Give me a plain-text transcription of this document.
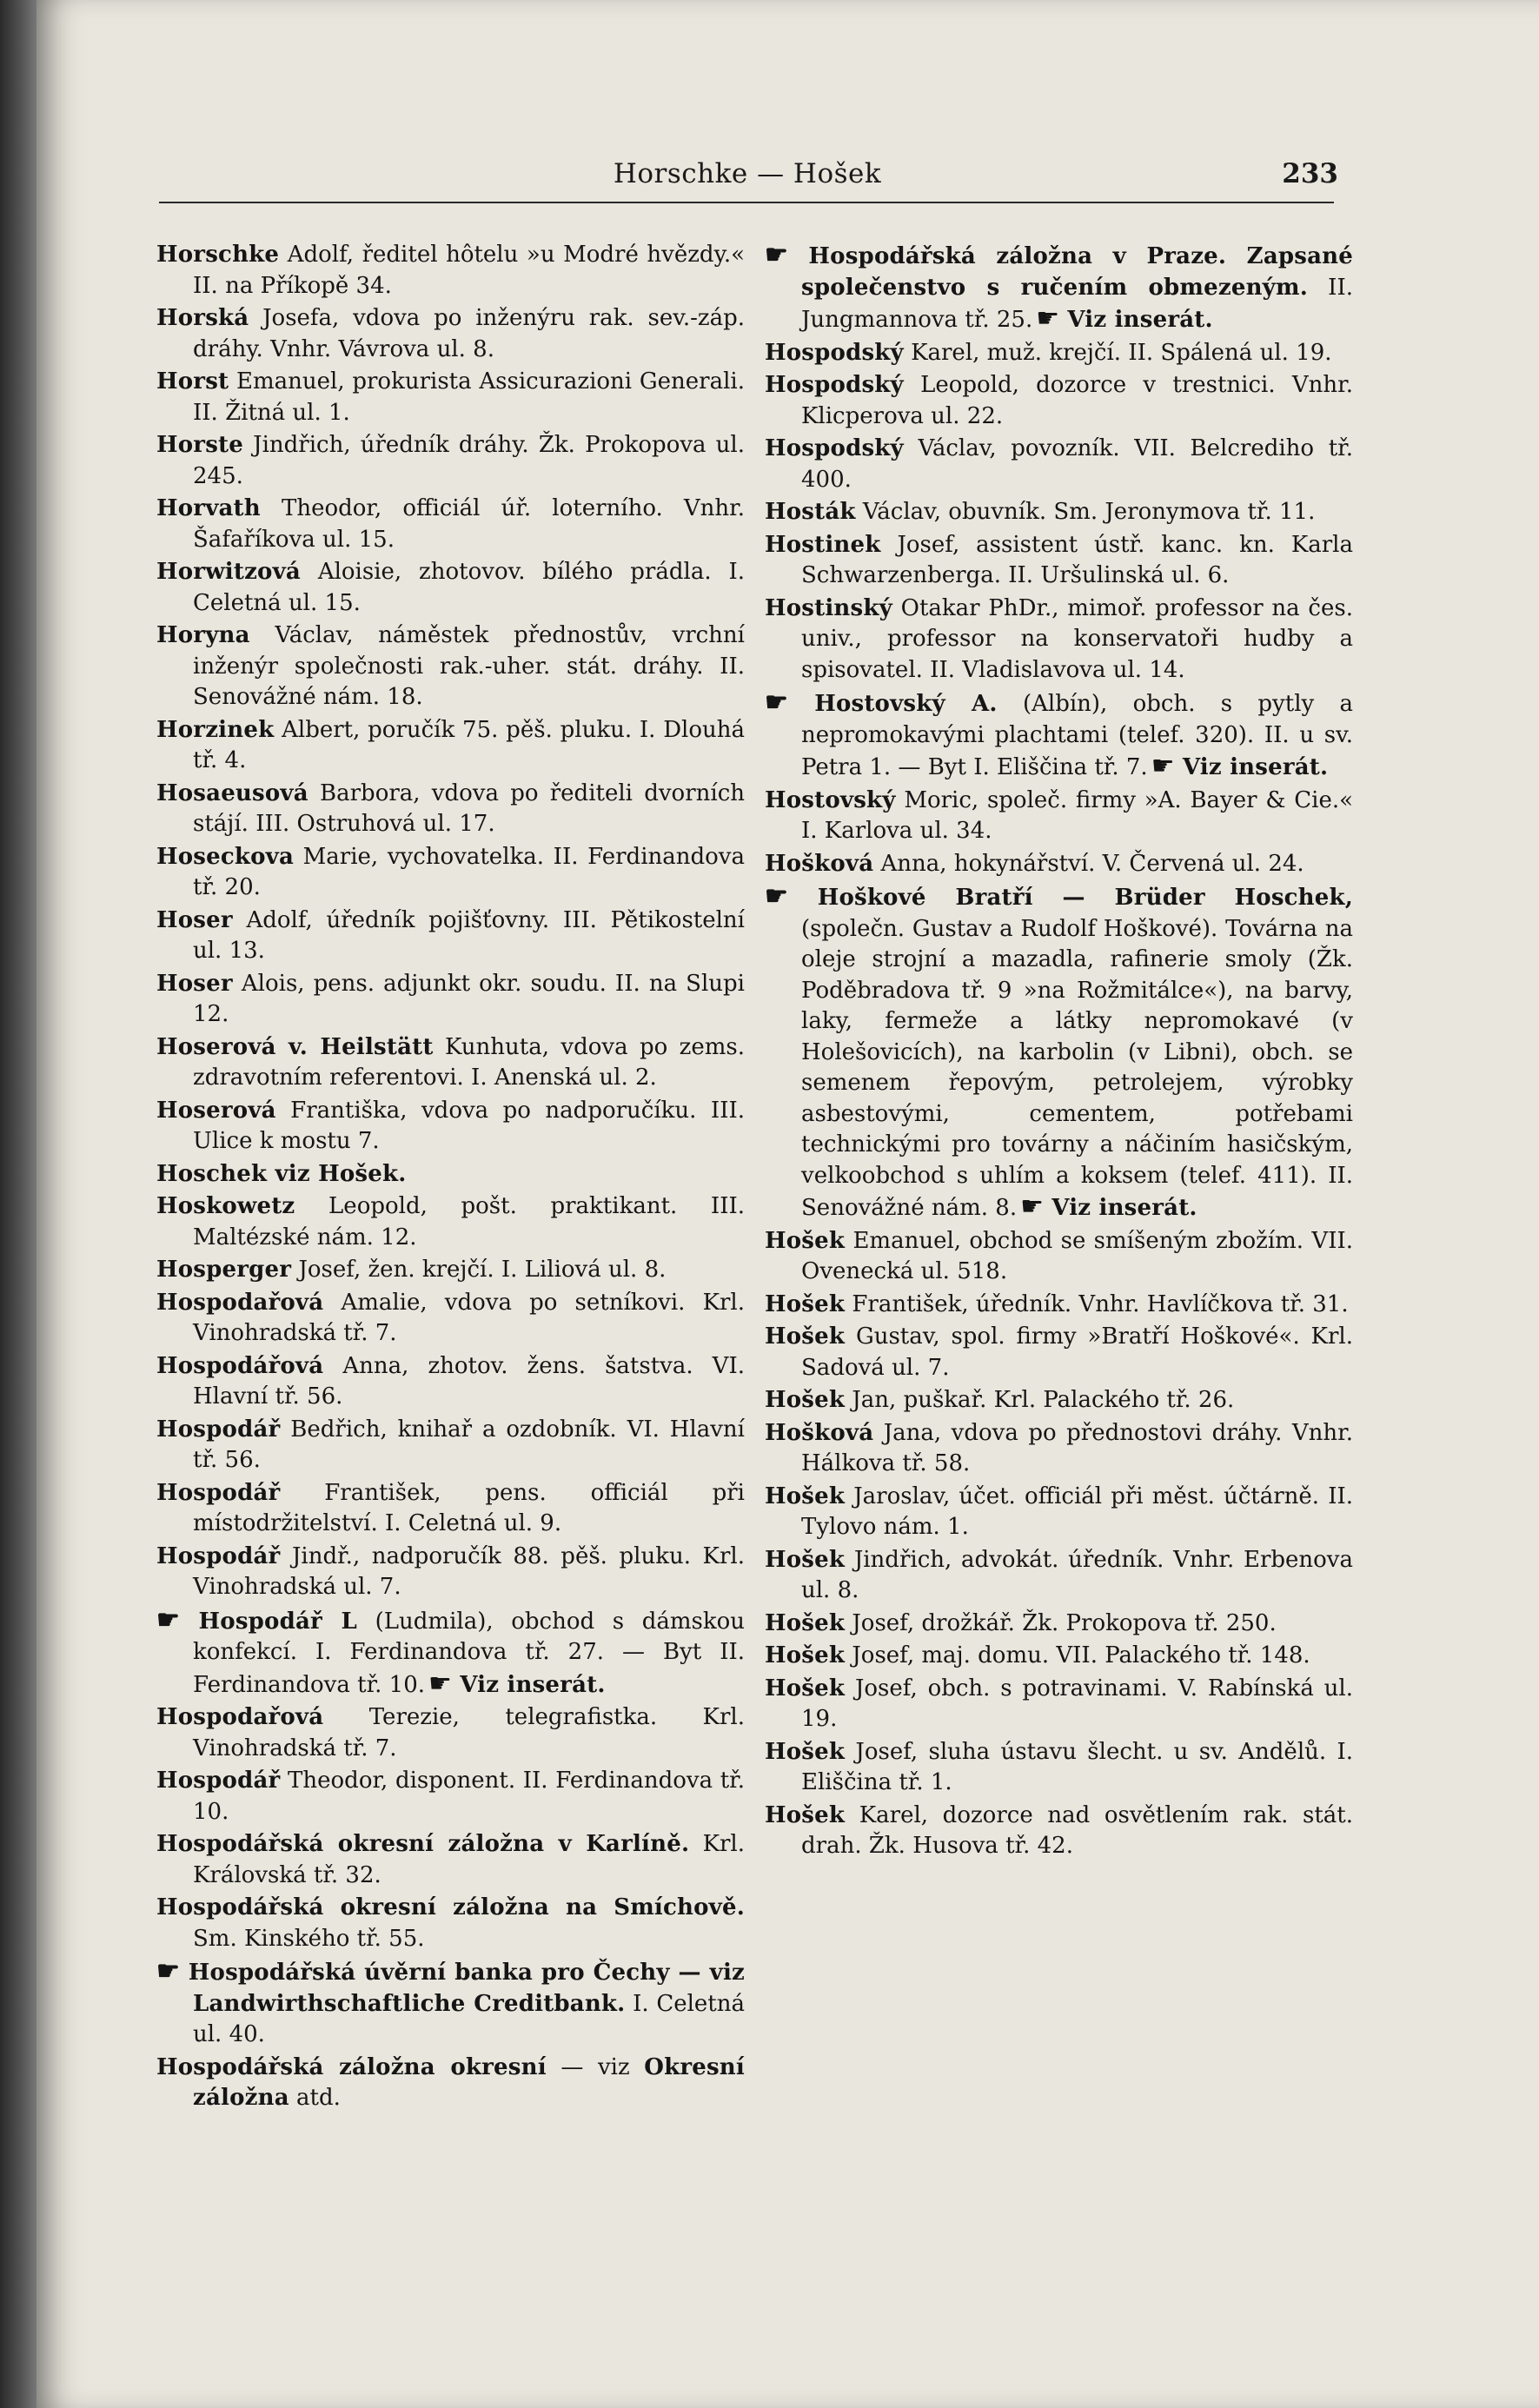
Horschke — Hošek	233
Horschke Adolf, ředitel hôtelu »u Modré hvězdy.« II. na Příkopě 34.
Horská Josefa, vdova po inženýru rak. sev.-záp. dráhy. Vnhr. Vávrova ul. 8.
Horst Emanuel, prokurista Assicurazioni Generali. II. Žitná ul. 1.
Horste Jindřich, úředník dráhy. Žk. Prokopova ul. 245.
Horvath Theodor, officiál úř. loterního. Vnhr. Šafaříkova ul. 15.
Horwitzová Aloisie, zhotovov. bílého prádla. I. Celetná ul. 15.
Horyna Václav, náměstek přednostův, vrchní inženýr společnosti rak.-uher. stát. dráhy. II. Senovážné nám. 18.
Horzinek Albert, poručík 75. pěš. pluku. I. Dlouhá tř. 4.
Hosaeusová Barbora, vdova po řediteli dvorních stájí. III. Ostruhová ul. 17.
Hoseckova Marie, vychovatelka. II. Ferdinandova tř. 20.
Hoser Adolf, úředník pojišťovny. III. Pětikostelní ul. 13.
Hoser Alois, pens. adjunkt okr. soudu. II. na Slupi 12.
Hoserová v. Heilstätt Kunhuta, vdova po zems. zdravotním referentovi. I. Anenská ul. 2.
Hoserová Františka, vdova po nadporučíku. III. Ulice k mostu 7.
Hoschek viz Hošek.
Hoskowetz Leopold, pošt. praktikant. III. Maltézské nám. 12.
Hosperger Josef, žen. krejčí. I. Liliová ul. 8.
Hospodařová Amalie, vdova po setníkovi. Krl. Vinohradská tř. 7.
Hospodářová Anna, zhotov. žens. šatstva. VI. Hlavní tř. 56.
Hospodář Bedřich, knihař a ozdobník. VI. Hlavní tř. 56.
Hospodář František, pens. officiál při místodržitelství. I. Celetná ul. 9.
Hospodář Jindř., nadporučík 88. pěš. pluku. Krl. Vinohradská ul. 7.
☛ Hospodář L (Ludmila), obchod s dámskou konfekcí. I. Ferdinandova tř. 27. — Byt II. Ferdinandova tř. 10. ☛ Viz inserát.
Hospodařová Terezie, telegrafistka. Krl. Vinohradská tř. 7.
Hospodář Theodor, disponent. II. Ferdinandova tř. 10.
Hospodářská okresní záložna v Karlíně. Krl. Královská tř. 32.
Hospodářská okresní záložna na Smíchově. Sm. Kinského tř. 55.
☛ Hospodářská úvěrní banka pro Čechy — viz Landwirthschaftliche Creditbank. I. Celetná ul. 40.
Hospodářská záložna okresní — viz Okresní záložna atd.
☛ Hospodářská záložna v Praze. Zapsané společenstvo s ručením obmezeným. II. Jungmannova tř. 25. ☛ Viz inserát.
Hospodský Karel, muž. krejčí. II. Spálená ul. 19.
Hospodský Leopold, dozorce v trestnici. Vnhr. Klicperova ul. 22.
Hospodský Václav, povozník. VII. Belcrediho tř. 400.
Hosták Václav, obuvník. Sm. Jeronymova tř. 11.
Hostinek Josef, assistent ústř. kanc. kn. Karla Schwarzenberga. II. Uršulinská ul. 6.
Hostinský Otakar PhDr., mimoř. professor na čes. univ., professor na konservatoři hudby a spisovatel. II. Vladislavova ul. 14.
☛ Hostovský A. (Albín), obch. s pytly a nepromokavými plachtami (telef. 320). II. u sv. Petra 1. — Byt I. Eliščina tř. 7. ☛ Viz inserát.
Hostovský Moric, společ. firmy »A. Bayer & Cie.« I. Karlova ul. 34.
Hošková Anna, hokynářství. V. Červená ul. 24.
☛ Hoškové Bratří — Brüder Hoschek, (společn. Gustav a Rudolf Hoškové). Továrna na oleje strojní a mazadla, rafinerie smoly (Žk. Poděbradova tř. 9 »na Rožmitálce«), na barvy, laky, fermeže a látky nepromokavé (v Holešovicích), na karbolin (v Libni), obch. se semenem řepovým, petrolejem, výrobky asbestovými, cementem, potřebami technickými pro továrny a náčiním hasičským, velkoobchod s uhlím a koksem (telef. 411). II. Senovážné nám. 8. ☛ Viz inserát.
Hošek Emanuel, obchod se smíšeným zbožím. VII. Ovenecká ul. 518.
Hošek František, úředník. Vnhr. Havlíčkova tř. 31.
Hošek Gustav, spol. firmy »Bratří Hoškové«. Krl. Sadová ul. 7.
Hošek Jan, puškař. Krl. Palackého tř. 26.
Hošková Jana, vdova po přednostovi dráhy. Vnhr. Hálkova tř. 58.
Hošek Jaroslav, účet. officiál při měst. účtárně. II. Tylovo nám. 1.
Hošek Jindřich, advokát. úředník. Vnhr. Erbenova ul. 8.
Hošek Josef, drožkář. Žk. Prokopova tř. 250.
Hošek Josef, maj. domu. VII. Palackého tř. 148.
Hošek Josef, obch. s potravinami. V. Rabínská ul. 19.
Hošek Josef, sluha ústavu šlecht. u sv. Andělů. I. Eliščina tř. 1.
Hošek Karel, dozorce nad osvětlením rak. stát. drah. Žk. Husova tř. 42.
